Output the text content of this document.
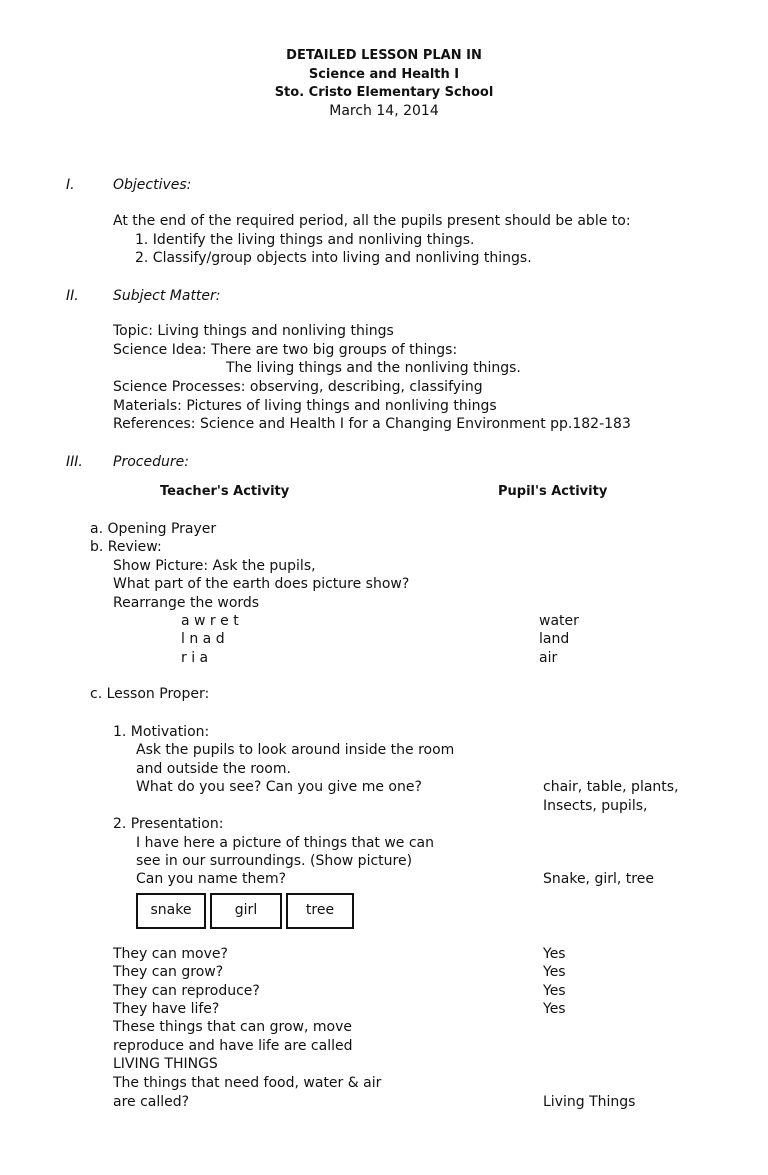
DETAILED LESSON PLAN IN
Science and Health I
Sto. Cristo Elementary School
March 14, 2014
I.	Objectives:
At the end of the required period, all the pupils present should be able to:
1. Identify the living things and nonliving things.
2. Classify/group objects into living and nonliving things.
II. Subject Matter:
Topic: Living things and nonliving things
Science Idea: There are two big groups of things:
The living things and the nonliving things.
Science Processes: observing, describing, classifying
Materials: Pictures of living things and nonliving things
References: Science and Health I for a Changing Environment pp.182-183
III. Procedure:
Teacher's Activity	Pupil's Activity
a. Opening Prayer
b. Review:
Show Picture: Ask the pupils,
What part of the earth does picture show?
Rearrange the words
a w r e t	water
l n a d	land
r i a	air
c. Lesson Proper:
1. Motivation:
Ask the pupils to look around inside the room
and outside the room.
What do you see? Can you give me one?	chair, table, plants,
Insects, pupils,
2. Presentation:
I have here a picture of things that we can
see in our surroundings. (Show picture)
Can you name them?	Snake, girl, tree
snake	girl	tree
They can move?	Yes
They can grow?	Yes
They can reproduce?	Yes
They have life?	Yes
These things that can grow, move
reproduce and have life are called
LIVING THINGS
The things that need food, water & air
are called?	Living Things
